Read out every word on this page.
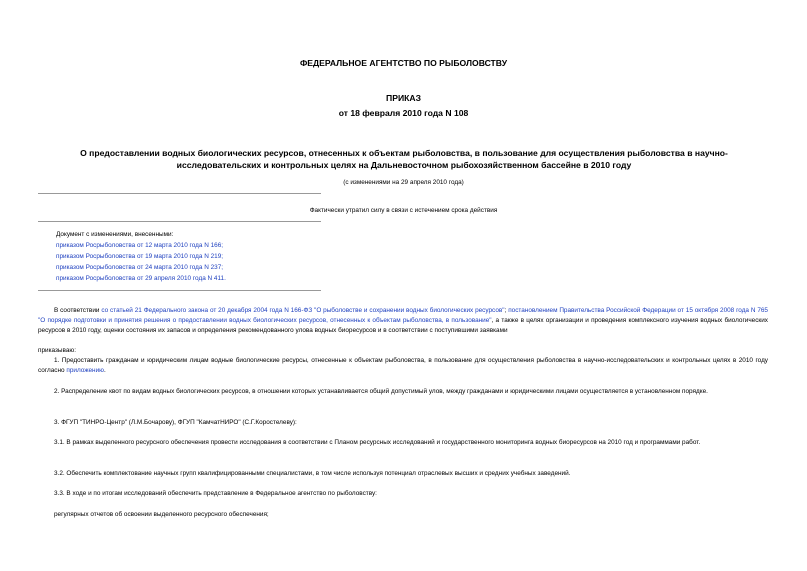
ФЕДЕРАЛЬНОЕ АГЕНТСТВО ПО РЫБОЛОВСТВУ
ПРИКАЗ
от 18 февраля 2010 года N 108
О предоставлении водных биологических ресурсов, отнесенных к объектам рыболовства, в пользование для осуществления рыболовства в научно-исследовательских и контрольных целях на Дальневосточном рыбохозяйственном бассейне в 2010 году
(с изменениями на 29 апреля 2010 года)
Фактически утратил силу в связи с истечением срока действия
Документ с изменениями, внесенными:
приказом Росрыболовства от 12 марта 2010 года N 166;
приказом Росрыболовства от 19 марта 2010 года N 219;
приказом Росрыболовства от 24 марта 2010 года N 237;
приказом Росрыболовства от 29 апреля 2010 года N 411.
В соответствии со статьей 21 Федерального закона от 20 декабря 2004 года N 166-ФЗ "О рыболовстве и сохранении водных биологических ресурсов"; постановлением Правительства Российской Федерации от 15 октября 2008 года N 765 "О порядке подготовки и принятия решения о предоставлении водных биологических ресурсов, отнесенных к объектам рыболовства, в пользование", а также в целях организации и проведения комплексного изучения водных биологических ресурсов в 2010 году, оценки состояния их запасов и определения рекомендованного улова водных биоресурсов и в соответствии с поступившими заявками
приказываю:
1. Предоставить гражданам и юридическим лицам водные биологические ресурсы, отнесенные к объектам рыболовства, в пользование для осуществления рыболовства в научно-исследовательских и контрольных целях в 2010 году согласно приложению.
2. Распределение квот по видам водных биологических ресурсов, в отношении которых устанавливается общий допустимый улов, между гражданами и юридическими лицами осуществляется в установленном порядке.
3. ФГУП "ТИНРО-Центр" (Л.М.Бочарову), ФГУП "КамчатНИРО" (С.Г.Коростелеву):
3.1. В рамках выделенного ресурсного обеспечения провести исследования в соответствии с Планом ресурсных исследований и государственного мониторинга водных биоресурсов на 2010 год и программами работ.
3.2. Обеспечить комплектование научных групп квалифицированными специалистами, в том числе используя потенциал отраслевых высших и средних учебных заведений.
3.3. В ходе и по итогам исследований обеспечить представление в Федеральное агентство по рыболовству:
регулярных отчетов об освоении выделенного ресурсного обеспечения;
